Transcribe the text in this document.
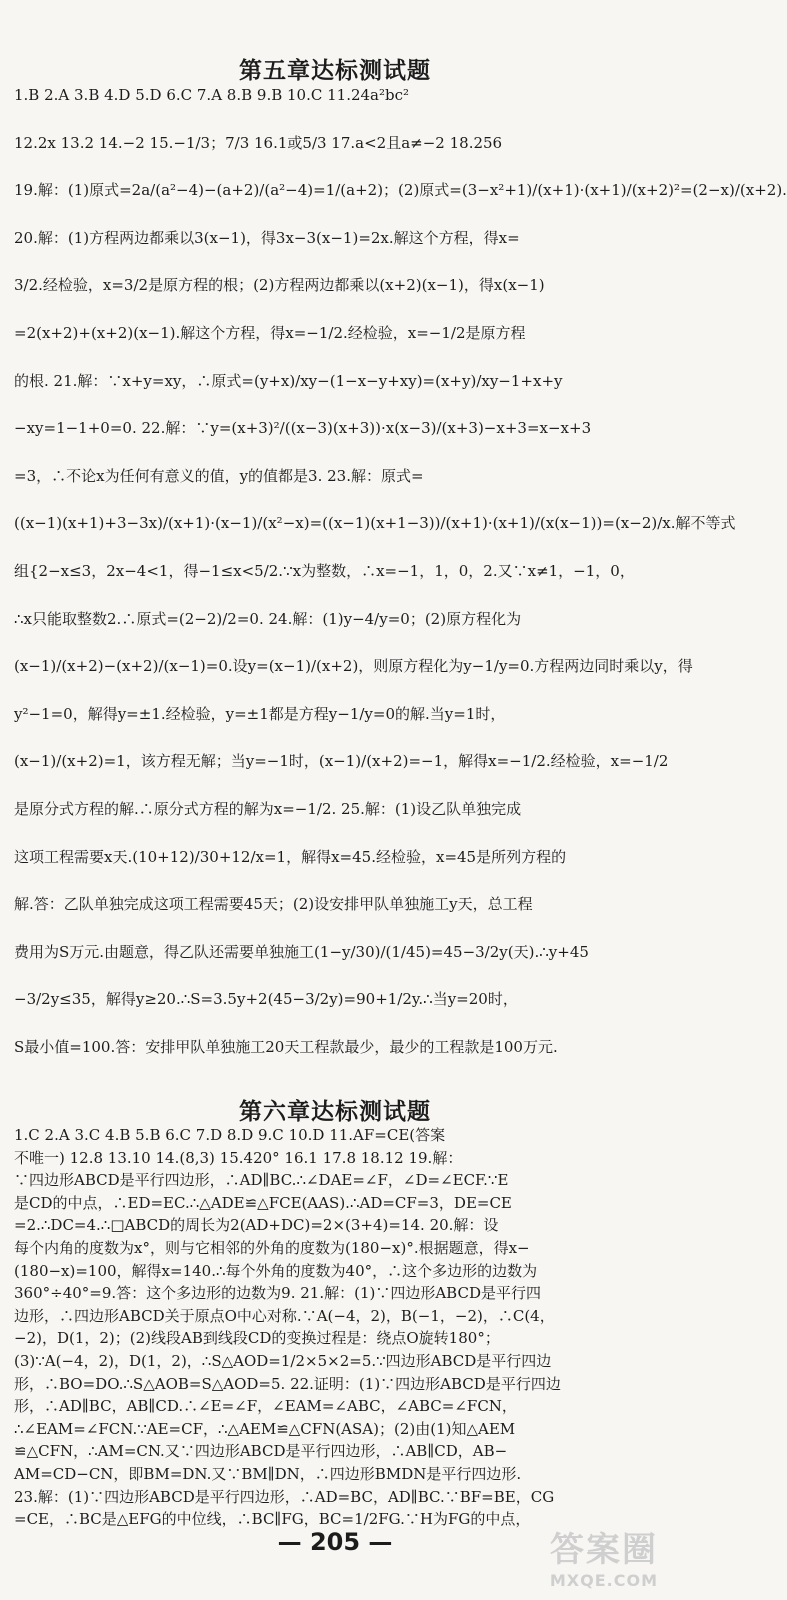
第五章达标测试题
1.B 2.A 3.B 4.D 5.D 6.C 7.A 8.B 9.B 10.C 11.24a²bc²
12.2x 13.2 14.−2 15.−1/3；7/3 16.1或5/3 17.a<2且a≠−2 18.256
19.解：(1)原式=2a/(a²−4)−(a+2)/(a²−4)=1/(a+2)；(2)原式=(3−x²+1)/(x+1)·(x+1)/(x+2)²=(2−x)/(x+2).
20.解：(1)方程两边都乘以3(x−1)，得3x−3(x−1)=2x.解这个方程，得x=
3/2.经检验，x=3/2是原方程的根；(2)方程两边都乘以(x+2)(x−1)，得x(x−1)
=2(x+2)+(x+2)(x−1).解这个方程，得x=−1/2.经检验，x=−1/2是原方程
的根. 21.解：∵x+y=xy，∴原式=(y+x)/xy−(1−x−y+xy)=(x+y)/xy−1+x+y
−xy=1−1+0=0. 22.解：∵y=(x+3)²/((x−3)(x+3))·x(x−3)/(x+3)−x+3=x−x+3
=3，∴不论x为任何有意义的值，y的值都是3. 23.解：原式=
((x−1)(x+1)+3−3x)/(x+1)·(x−1)/(x²−x)=((x−1)(x+1−3))/(x+1)·(x+1)/(x(x−1))=(x−2)/x.解不等式
组{2−x≤3，2x−4<1，得−1≤x<5/2.∵x为整数，∴x=−1，1，0，2.又∵x≠1，−1，0，
∴x只能取整数2.∴原式=(2−2)/2=0. 24.解：(1)y−4/y=0；(2)原方程化为
(x−1)/(x+2)−(x+2)/(x−1)=0.设y=(x−1)/(x+2)，则原方程化为y−1/y=0.方程两边同时乘以y，得
y²−1=0，解得y=±1.经检验，y=±1都是方程y−1/y=0的解.当y=1时，
(x−1)/(x+2)=1，该方程无解；当y=−1时，(x−1)/(x+2)=−1，解得x=−1/2.经检验，x=−1/2
是原分式方程的解.∴原分式方程的解为x=−1/2. 25.解：(1)设乙队单独完成
这项工程需要x天.(10+12)/30+12/x=1，解得x=45.经检验，x=45是所列方程的
解.答：乙队单独完成这项工程需要45天；(2)设安排甲队单独施工y天，总工程
费用为S万元.由题意，得乙队还需要单独施工(1−y/30)/(1/45)=45−3/2y(天).∴y+45
−3/2y≤35，解得y≥20.∴S=3.5y+2(45−3/2y)=90+1/2y.∴当y=20时，
S最小值=100.答：安排甲队单独施工20天工程款最少，最少的工程款是100万元.
第六章达标测试题
1.C 2.A 3.C 4.B 5.B 6.C 7.D 8.D 9.C 10.D 11.AF=CE(答案
不唯一) 12.8 13.10 14.(8,3) 15.420° 16.1 17.8 18.12 19.解：
∵四边形ABCD是平行四边形，∴AD∥BC.∴∠DAE=∠F，∠D=∠ECF.∵E
是CD的中点，∴ED=EC.∴△ADE≌△FCE(AAS).∴AD=CF=3，DE=CE
=2.∴DC=4.∴□ABCD的周长为2(AD+DC)=2×(3+4)=14. 20.解：设
每个内角的度数为x°，则与它相邻的外角的度数为(180−x)°.根据题意，得x−
(180−x)=100，解得x=140.∴每个外角的度数为40°，∴这个多边形的边数为
360°÷40°=9.答：这个多边形的边数为9. 21.解：(1)∵四边形ABCD是平行四
边形，∴四边形ABCD关于原点O中心对称.∵A(−4，2)，B(−1，−2)，∴C(4，
−2)，D(1，2)；(2)线段AB到线段CD的变换过程是：绕点O旋转180°；
(3)∵A(−4，2)，D(1，2)，∴S△AOD=1/2×5×2=5.∵四边形ABCD是平行四边
形，∴BO=DO.∴S△AOB=S△AOD=5. 22.证明：(1)∵四边形ABCD是平行四边
形，∴AD∥BC，AB∥CD.∴∠E=∠F，∠EAM=∠ABC，∠ABC=∠FCN，
∴∠EAM=∠FCN.∵AE=CF，∴△AEM≌△CFN(ASA)；(2)由(1)知△AEM
≌△CFN，∴AM=CN.又∵四边形ABCD是平行四边形，∴AB∥CD，AB−
AM=CD−CN，即BM=DN.又∵BM∥DN，∴四边形BMDN是平行四边形.
23.解：(1)∵四边形ABCD是平行四边形，∴AD=BC，AD∥BC.∵BF=BE，CG
=CE，∴BC是△EFG的中位线，∴BC∥FG，BC=1/2FG.∵H为FG的中点，
— 205 —	答案圈
MXQE.COM
